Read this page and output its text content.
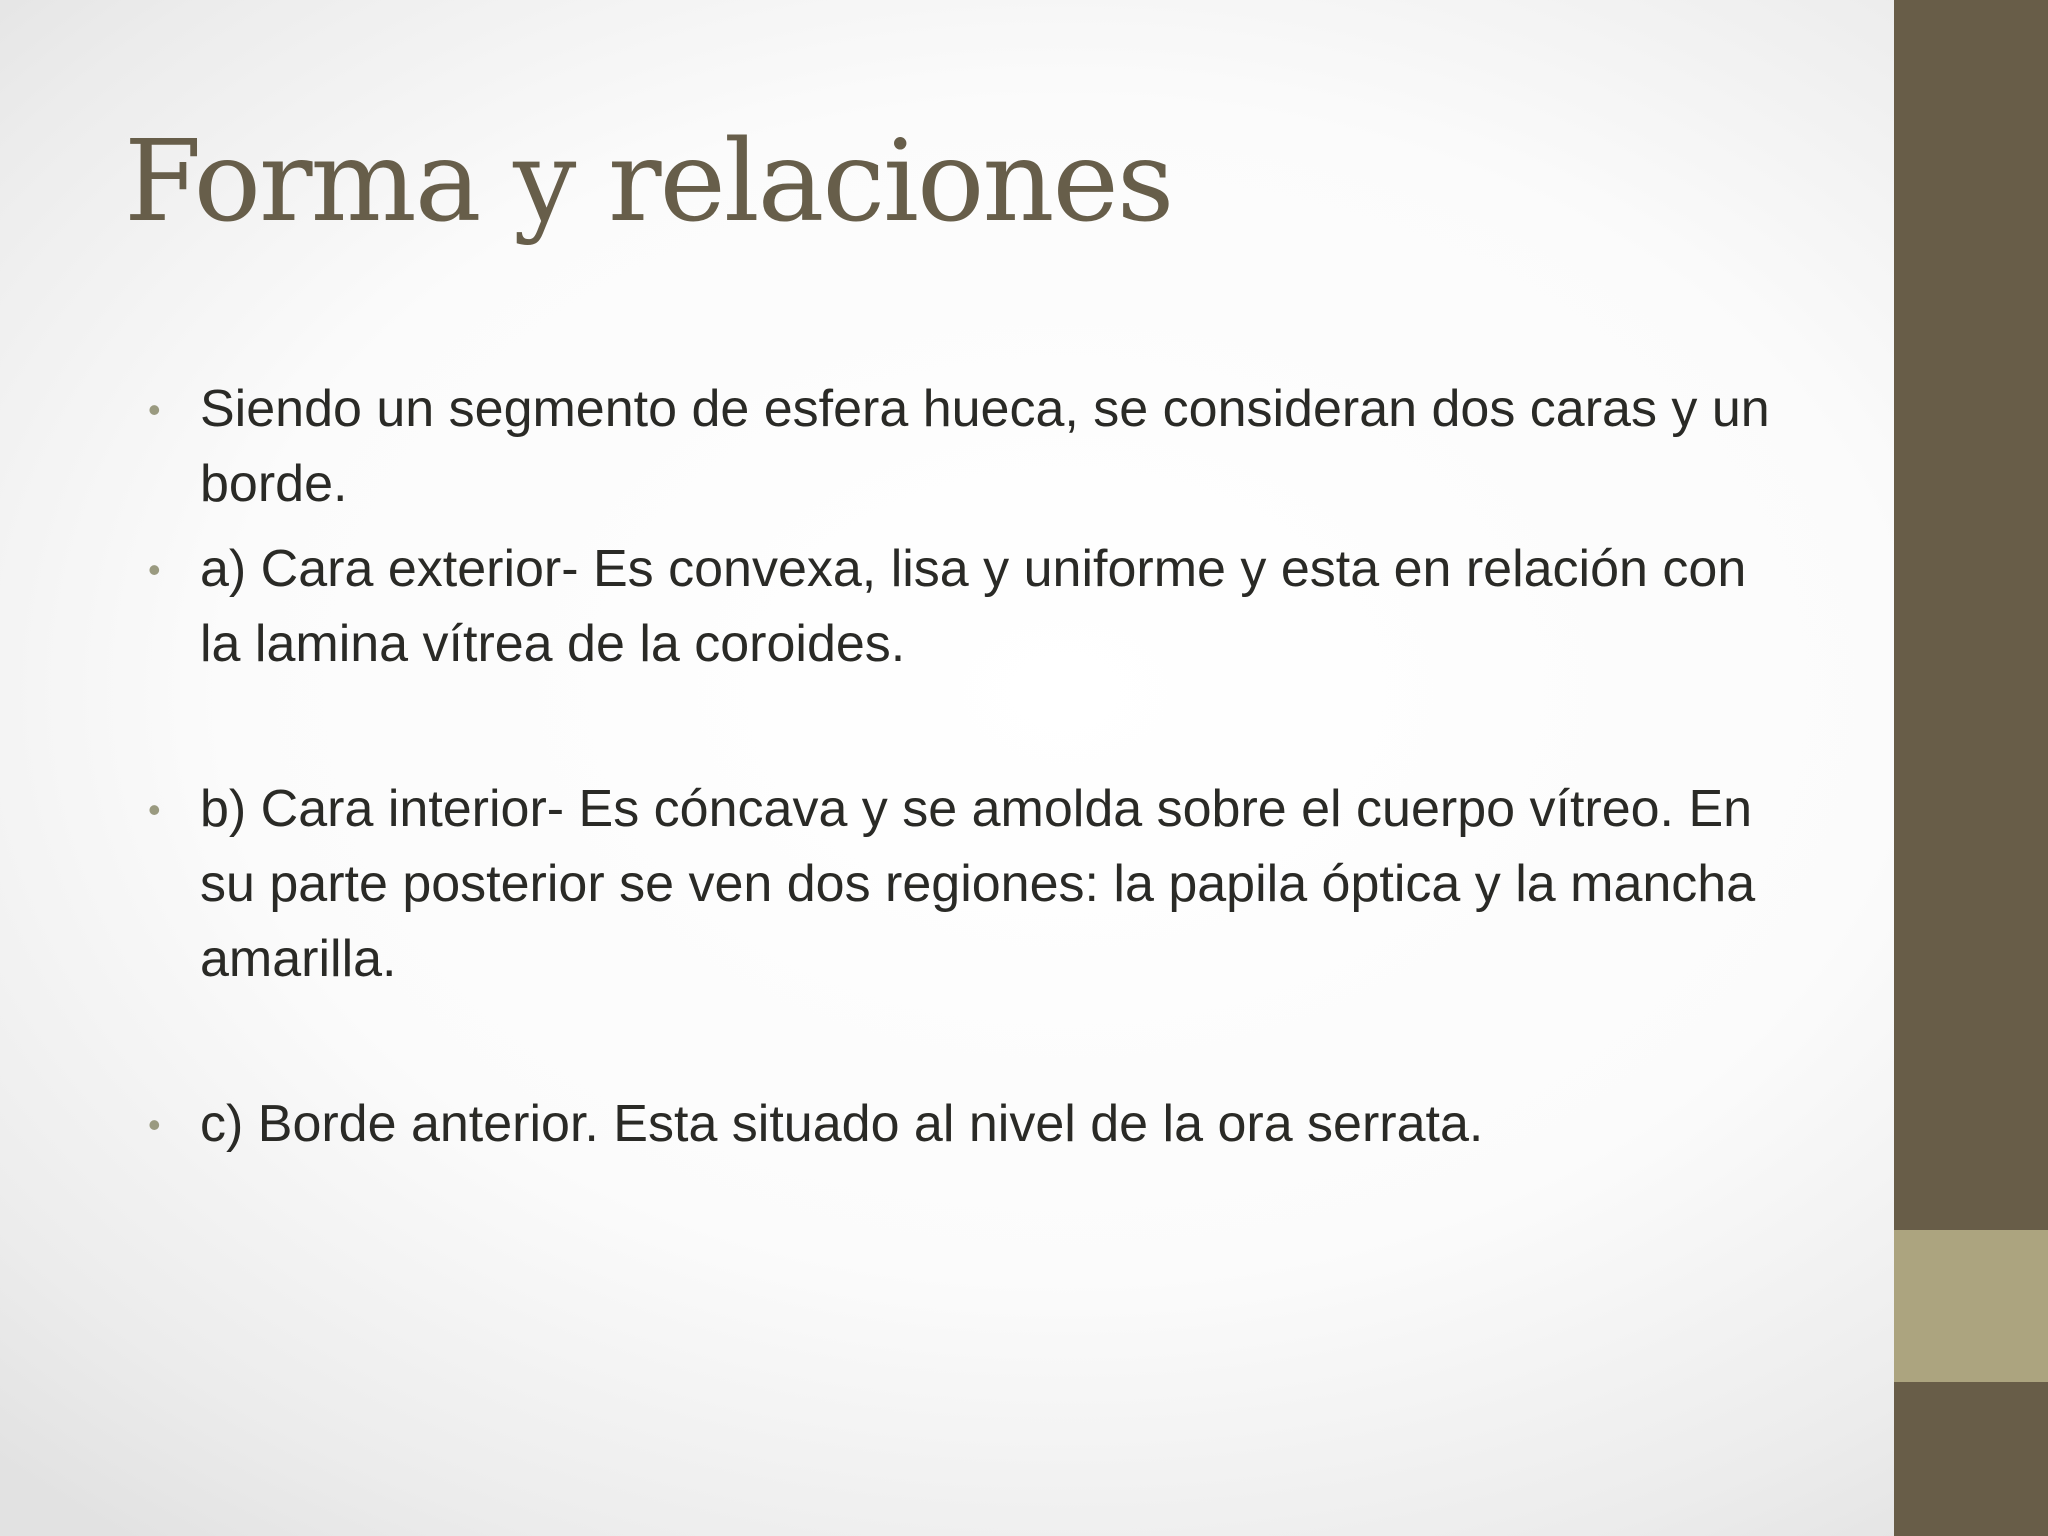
Forma y relaciones
• Siendo un segmento de esfera hueca, se consideran dos caras y un borde.
• a) Cara exterior- Es convexa, lisa y uniforme y esta en relación con la lamina vítrea de la coroides.
• b) Cara interior- Es cóncava y se amolda sobre el cuerpo vítreo. En su parte posterior se ven dos regiones: la papila óptica y la mancha amarilla.
• c) Borde anterior. Esta situado al nivel de la ora serrata.
